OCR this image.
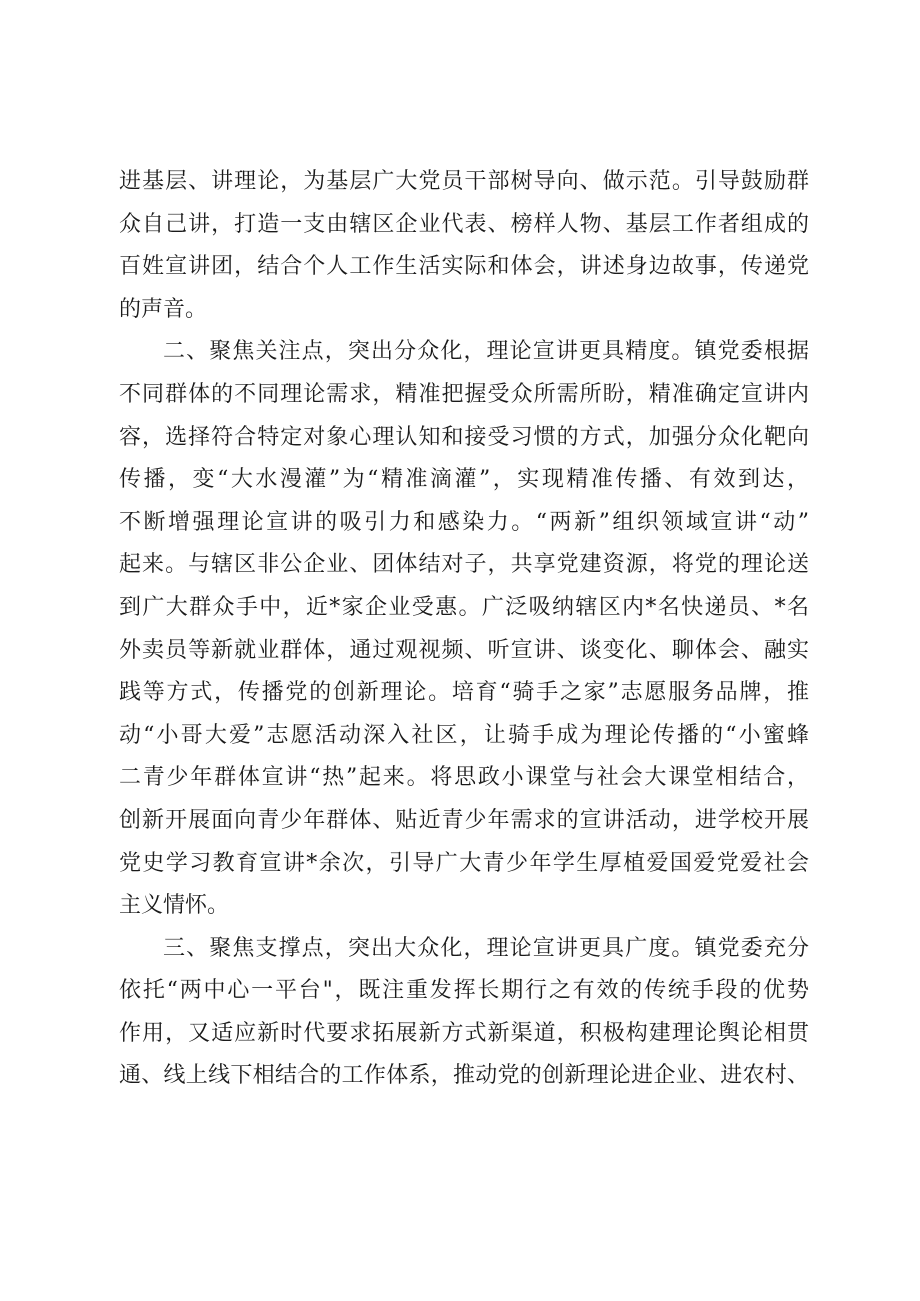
进基层、讲理论，为基层广大党员干部树导向、做示范。引导鼓励群
众自己讲，打造一支由辖区企业代表、榜样人物、基层工作者组成的
百姓宣讲团，结合个人工作生活实际和体会，讲述身边故事，传递党
的声音。
二、聚焦关注点，突出分众化，理论宣讲更具精度。镇党委根据
不同群体的不同理论需求，精准把握受众所需所盼，精准确定宣讲内
容，选择符合特定对象心理认知和接受习惯的方式，加强分众化靶向
传播，变“大水漫灌”为“精准滴灌”，实现精准传播、有效到达，
不断增强理论宣讲的吸引力和感染力。“两新”组织领域宣讲“动”
起来。与辖区非公企业、团体结对子，共享党建资源，将党的理论送
到广大群众手中，近*家企业受惠。广泛吸纳辖区内*名快递员、*名
外卖员等新就业群体，通过观视频、听宣讲、谈变化、聊体会、融实
践等方式，传播党的创新理论。培育“骑手之家”志愿服务品牌，推
动“小哥大爱”志愿活动深入社区，让骑手成为理论传播的“小蜜蜂
二青少年群体宣讲“热”起来。将思政小课堂与社会大课堂相结合，
创新开展面向青少年群体、贴近青少年需求的宣讲活动，进学校开展
党史学习教育宣讲*余次，引导广大青少年学生厚植爱国爱党爱社会
主义情怀。
三、聚焦支撑点，突出大众化，理论宣讲更具广度。镇党委充分
依托“两中心一平台"，既注重发挥长期行之有效的传统手段的优势
作用，又适应新时代要求拓展新方式新渠道，积极构建理论舆论相贯
通、线上线下相结合的工作体系，推动党的创新理论进企业、进农村、
